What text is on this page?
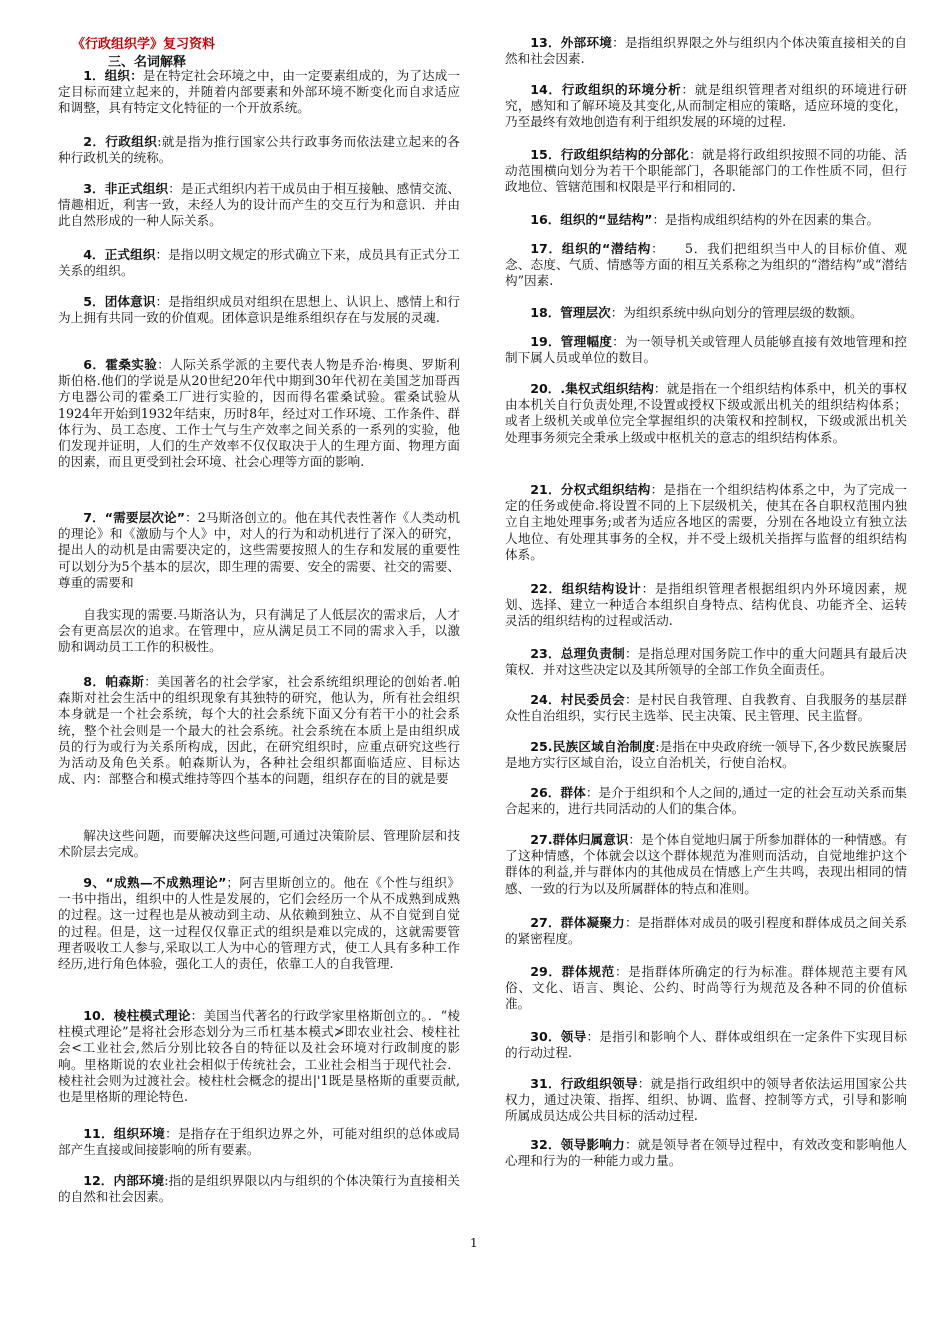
《行政组织学》复习资料
三、名词解释

1．组织：是在特定社会环境之中，由一定要素组成的，为了达成一定目标而建立起来的，并随着内部要素和外部环境不断变化而自求适应和调整，具有特定文化特征的一个开放系统。

2．行政组织:就是指为推行国家公共行政事务而依法建立起来的各种行政机关的统称。

3．非正式组织：是正式组织内若干成员由于相互接触、感情交流、情趣相近，利害一致，未经人为的设计而产生的交互行为和意识．并由此自然形成的一种人际关系。

4．正式组织：是指以明文规定的形式确立下来，成员具有正式分工关系的组织。

5．团体意识：是指组织成员对组织在思想上、认识上、感情上和行为上拥有共同一致的价值观。团体意识是维系组织存在与发展的灵魂.

6．霍桑实验：人际关系学派的主要代表人物是乔治·梅奥、罗斯利斯伯格.他们的学说是从20世纪20年代中期到30年代初在美国芝加哥西方电器公司的霍桑工厂进行实验的，因而得名霍桑试验。霍桑试验从1924年开始到1932年结束，历时8年，经过对工作环境、工作条件、群体行为、员工态度、工作士气与生产效率之间关系的一系列的实验，他们发现并证明，人们的生产效率不仅仅取决于人的生理方面、物理方面的因素，而且更受到社会环境、社会心理等方面的影响.

7．“需要层次论”：2马斯洛创立的。他在其代表性著作《人类动机的理论》和《激励与个人》中，对人的行为和动机进行了深入的研究，提出人的动机是由需要决定的，这些需要按照人的生存和发展的重要性可以划分为5个基本的层次，即生理的需要、安全的需要、社交的需要、尊重的需要和

自我实现的需要.马斯洛认为，只有满足了人低层次的需求后，人才会有更高层次的追求。在管理中，应从满足员工不同的需求入手，以激励和调动员工工作的积极性。

8．帕森斯：美国著名的社会学家，社会系统组织理论的创始者.帕森斯对社会生活中的组织现象有其独特的研究，他认为，所有社会组织本身就是一个社会系统，每个大的社会系统下面又分有若干小的社会系统，整个社会则是一个最大的社会系统。社会系统在本质上是由组织成员的行为或行为关系所构成，因此，在研究组织时，应重点研究这些行为活动及角色关系。帕森斯认为，各种社会组织都面临适应、目标达成、内：部整合和模式维持等四个基本的问题，组织存在的目的就是要

解决这些问题，而要解决这些问题,可通过决策阶层、管理阶层和技术阶层去完成。

9、“成熟—不成熟理论”；阿吉里斯创立的。他在《个性与组织》一书中指出，组织中的人性是发展的，它们会经历一个从不成熟到成熟的过程。这一过程也是从被动到主动、从依赖到独立、从不自觉到自觉的过程。但是，这一过程仅仅靠正式的组织是难以完成的，这就需要管理者吸收工人参与,采取以工人为中心的管理方式，使工人具有多种工作经历,进行角色体验，强化工人的责任，依靠工人的自我管理.

10．棱柱模式理论：美国当代著名的行政学家里格斯创立的。．“棱柱模式理论”是将社会形态划分为三币杠基本模式≯即农业社会、棱柱社会<工业社会,然后分别比较各自的特征以及社会环境对行政制度的影响。里格斯说的农业社会相似于传统社会，工业社会相当于现代社会．棱柱社会则为过渡社会。棱柱杜会概念的提出|'1既是垦格斯的重要贡献,也是里格斯的理论特色.

11．组织环境：是指存在于组织边界之外，可能对组织的总体或局部产生直接或间接影响的所有要素。

12．内部环境:指的是组织界限以内与组织的个体决策行为直接相关的自然和社会因素。

13．外部环境：是指组织界限之外与组织内个体决策直接相关的自然和社会因素.

14．行政组织的环境分析：就是组织管理者对组织的环境进行研究，感知和了解环境及其变化,从而制定相应的策略，适应环境的变化，乃至最终有效地创造有利于组织发展的环境的过程.

15．行政组织结构的分部化：就是将行政组织按照不同的功能、活动范围横向划分为若干个职能部门，各职能部门的工作性质不同，但行政地位、管辖范围和权限是平行和相同的.

16．组织的“显结构”：是指构成组织结构的外在因素的集合。

17．组织的“潜结构：　　5．我们把组织当中人的目标价值、观念、态度、气质、情感等方面的相互关系称之为组织的“潜结构”或“潜结构”因素.

18．管理层次：为组织系统中纵向划分的管理层级的数额。

19．管理幅度：为一领导机关或管理人员能够直接有效地管理和控制下属人员或单位的数目。

20．.集权式组织结构：就是指在一个组织结构体系中，机关的事权由本机关自行负责处理,不设置或授权下级或派出机关的组织结构体系；或者上级机关或单位完全掌握组织的决策权和控制权，下级或派出机关处理事务须完全秉承上级或中枢机关的意志的组织结构体系。

21．分权式组织结构：是指在一个组织结构体系之中，为了完成一定的任务或使命.将设置不同的上下层级机关，使其在各自职权范围内独立自主地处理事务;或者为适应各地区的需要，分别在各地设立有独立法人地位、有处理其事务的全权，并不受上级机关指挥与监督的组织结构体系。

22．组织结构设计：是指组织管理者根据组织内外环境因素，规划、选择、建立一种适合本组织自身特点、结构优良、功能齐全、运转灵活的组织结构的过程或活动.

23．总理负责制：是指总理对国务院工作中的重大问题具有最后决策权．并对这些决定以及其所领导的全部工作负全面责任。

24．村民委员会：是村民自我管理、自我教育、自我服务的基层群众性自治组织，实行民主选举、民主决策、民主管理、民主监督。

25.民族区域自治制度:是指在中央政府统一领导下,各少数民族聚居是地方实行区域自治，设立自治机关，行使自治权。

26．群体：是介于组织和个人之间的,通过一定的社会互动关系而集合起来的，进行共同活动的人们的集合体。

27.群体归属意识：是个体自觉地归属于所参加群体的一种情感。有了这种情感，个体就会以这个群体规范为准则而活动，自觉地维护这个群体的利益,并与群体内的其他成员在情感上产生共鸣，表现出相同的情感、一致的行为以及所属群体的特点和准则。

27．群体凝聚力：是指群体对成员的吸引程度和群体成员之间关系的紧密程度。

29．群体规范：是指群体所确定的行为标准。群体规范主要有风俗、文化、语言、舆论、公约、时尚等行为规范及各种不同的价值标准。

30．领导：是指引和影响个人、群体或组织在一定条件下实现目标的行动过程.

31．行政组织领导：就是指行政组织中的领导者依法运用国家公共权力，通过决策、指挥、组织、协调、监督、控制等方式，引导和影响所属成员达成公共目标的活动过程.

32．领导影响力：就是领导者在领导过程中，有效改变和影响他人心理和行为的一种能力或力量。

1
